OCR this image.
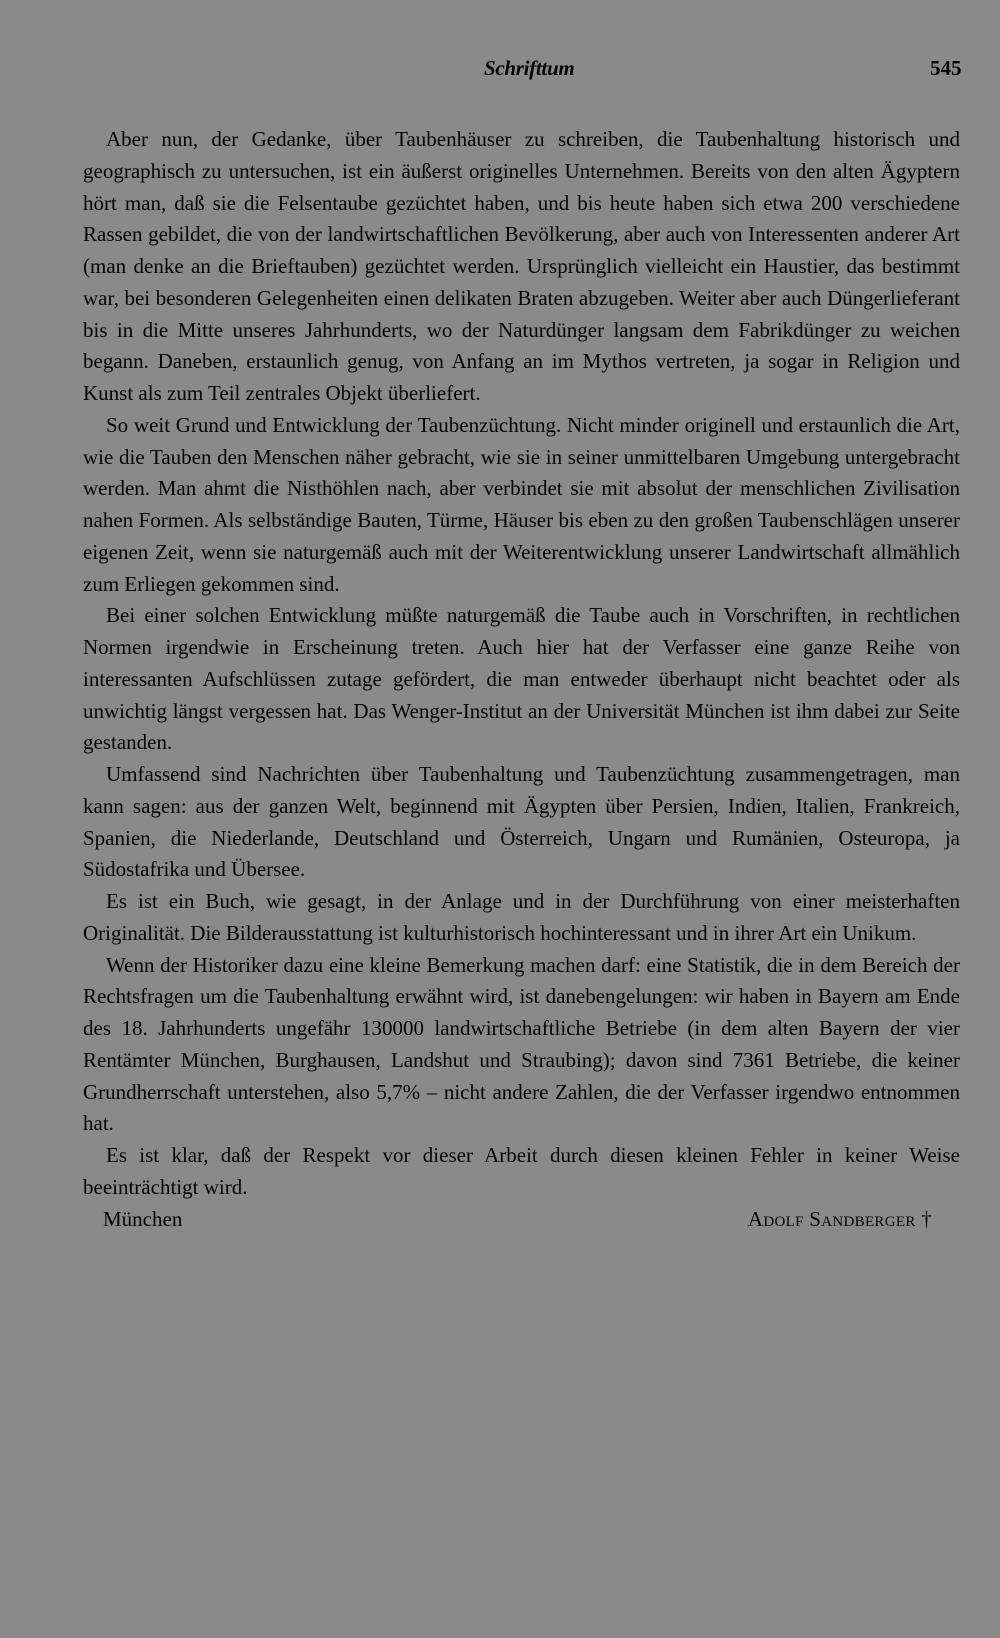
Schrifttum	545

Aber nun, der Gedanke, über Taubenhäuser zu schreiben, die Taubenhaltung historisch und geographisch zu untersuchen, ist ein äußerst originelles Unternehmen. Bereits von den alten Ägyptern hört man, daß sie die Felsentaube gezüchtet haben, und bis heute haben sich etwa 200 verschiedene Rassen gebildet, die von der landwirtschaftlichen Bevölkerung, aber auch von Interessenten anderer Art (man denke an die Brieftauben) gezüchtet werden. Ursprünglich vielleicht ein Haustier, das bestimmt war, bei besonderen Gelegenheiten einen delikaten Braten abzugeben. Weiter aber auch Düngerlieferant bis in die Mitte unseres Jahrhunderts, wo der Naturdünger langsam dem Fabrikdünger zu weichen begann. Daneben, erstaunlich genug, von Anfang an im Mythos vertreten, ja sogar in Religion und Kunst als zum Teil zentrales Objekt überliefert.

So weit Grund und Entwicklung der Taubenzüchtung. Nicht minder originell und erstaunlich die Art, wie die Tauben den Menschen näher gebracht, wie sie in seiner unmittelbaren Umgebung untergebracht werden. Man ahmt die Nisthöhlen nach, aber verbindet sie mit absolut der menschlichen Zivilisation nahen Formen. Als selbständige Bauten, Türme, Häuser bis eben zu den großen Taubenschlägen unserer eigenen Zeit, wenn sie naturgemäß auch mit der Weiterentwicklung unserer Landwirtschaft allmählich zum Erliegen gekommen sind.

Bei einer solchen Entwicklung müßte naturgemäß die Taube auch in Vorschriften, in rechtlichen Normen irgendwie in Erscheinung treten. Auch hier hat der Verfasser eine ganze Reihe von interessanten Aufschlüssen zutage gefördert, die man entweder überhaupt nicht beachtet oder als unwichtig längst vergessen hat. Das Wenger-Institut an der Universität München ist ihm dabei zur Seite gestanden.

Umfassend sind Nachrichten über Taubenhaltung und Taubenzüchtung zusammengetragen, man kann sagen: aus der ganzen Welt, beginnend mit Ägypten über Persien, Indien, Italien, Frankreich, Spanien, die Niederlande, Deutschland und Österreich, Ungarn und Rumänien, Osteuropa, ja Südostafrika und Übersee.

Es ist ein Buch, wie gesagt, in der Anlage und in der Durchführung von einer meisterhaften Originalität. Die Bilderausstattung ist kulturhistorisch hochinteressant und in ihrer Art ein Unikum.

Wenn der Historiker dazu eine kleine Bemerkung machen darf: eine Statistik, die in dem Bereich der Rechtsfragen um die Taubenhaltung erwähnt wird, ist danebengelungen: wir haben in Bayern am Ende des 18. Jahrhunderts ungefähr 130000 landwirtschaftliche Betriebe (in dem alten Bayern der vier Rentämter München, Burghausen, Landshut und Straubing); davon sind 7361 Betriebe, die keiner Grundherrschaft unterstehen, also 5,7% – nicht andere Zahlen, die der Verfasser irgendwo entnommen hat.

Es ist klar, daß der Respekt vor dieser Arbeit durch diesen kleinen Fehler in keiner Weise beeinträchtigt wird.

München	Adolf Sandberger †
